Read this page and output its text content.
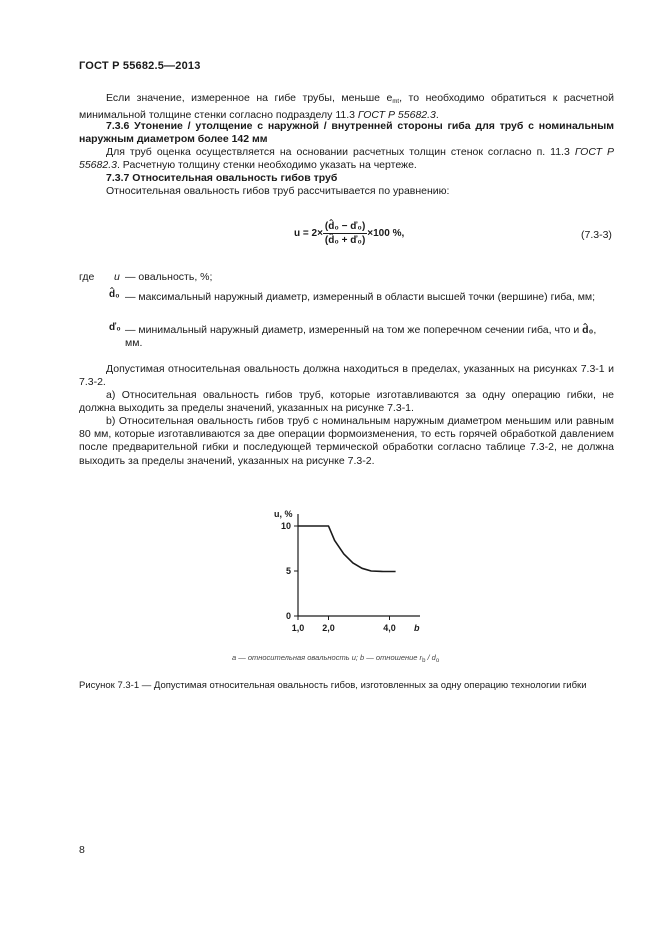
ГОСТ Р 55682.5—2013
Если значение, измеренное на гибе трубы, меньше $e_{mt}$, то необходимо обратиться к расчетной минимальной толщине стенки согласно подразделу 11.3 ГОСТ Р 55682.3.
7.3.6 Утонение / утолщение с наружной / внутренней стороны гиба для труб с номинальным наружным диаметром более 142 мм
Для труб оценка осуществляется на основании расчетных толщин стенок согласно п. 11.3 ГОСТ Р 55682.3. Расчетную толщину стенки необходимо указать на чертеже.
7.3.7 Относительная овальность гибов труб
Относительная овальность гибов труб рассчитывается по уравнению:
$u = 2\times \frac{\text{(d̂₀ − ď₀)}}{\text{(d̂₀ + ď₀)}} \times 100$ %,	(7.3-3)
где u — овальность, %;
d̂₀ — максимальный наружный диаметр, измеренный в области высшей точки (вершине) гиба, мм;
ď₀ — минимальный наружный диаметр, измеренный на том же поперечном сечении гиба, что и d̂₀, мм.
Допустимая относительная овальность должна находиться в пределах, указанных на рисунках 7.3-1 и 7.3-2.
a) Относительная овальность гибов труб, которые изготавливаются за одну операцию гибки, не должна выходить за пределы значений, указанных на рисунке 7.3-1.
b) Относительная овальность гибов труб с номинальным наружным диаметром меньшим или равным 80 мм, которые изготавливаются за две операции формоизменения, то есть горячей обработкой давлением после предварительной гибки и последующей термической обработки согласно таблице 7.3-2, не должна выходить за пределы значений, указанных на рисунке 7.3-2.
0
5
10
1,0 2,0	4,0
u, %
b
a — относительная овальность u; b — отношение $r_b / d_o$
Рисунок 7.3-1 — Допустимая относительная овальность гибов, изготовленных за одну операцию технологии гибки
8
